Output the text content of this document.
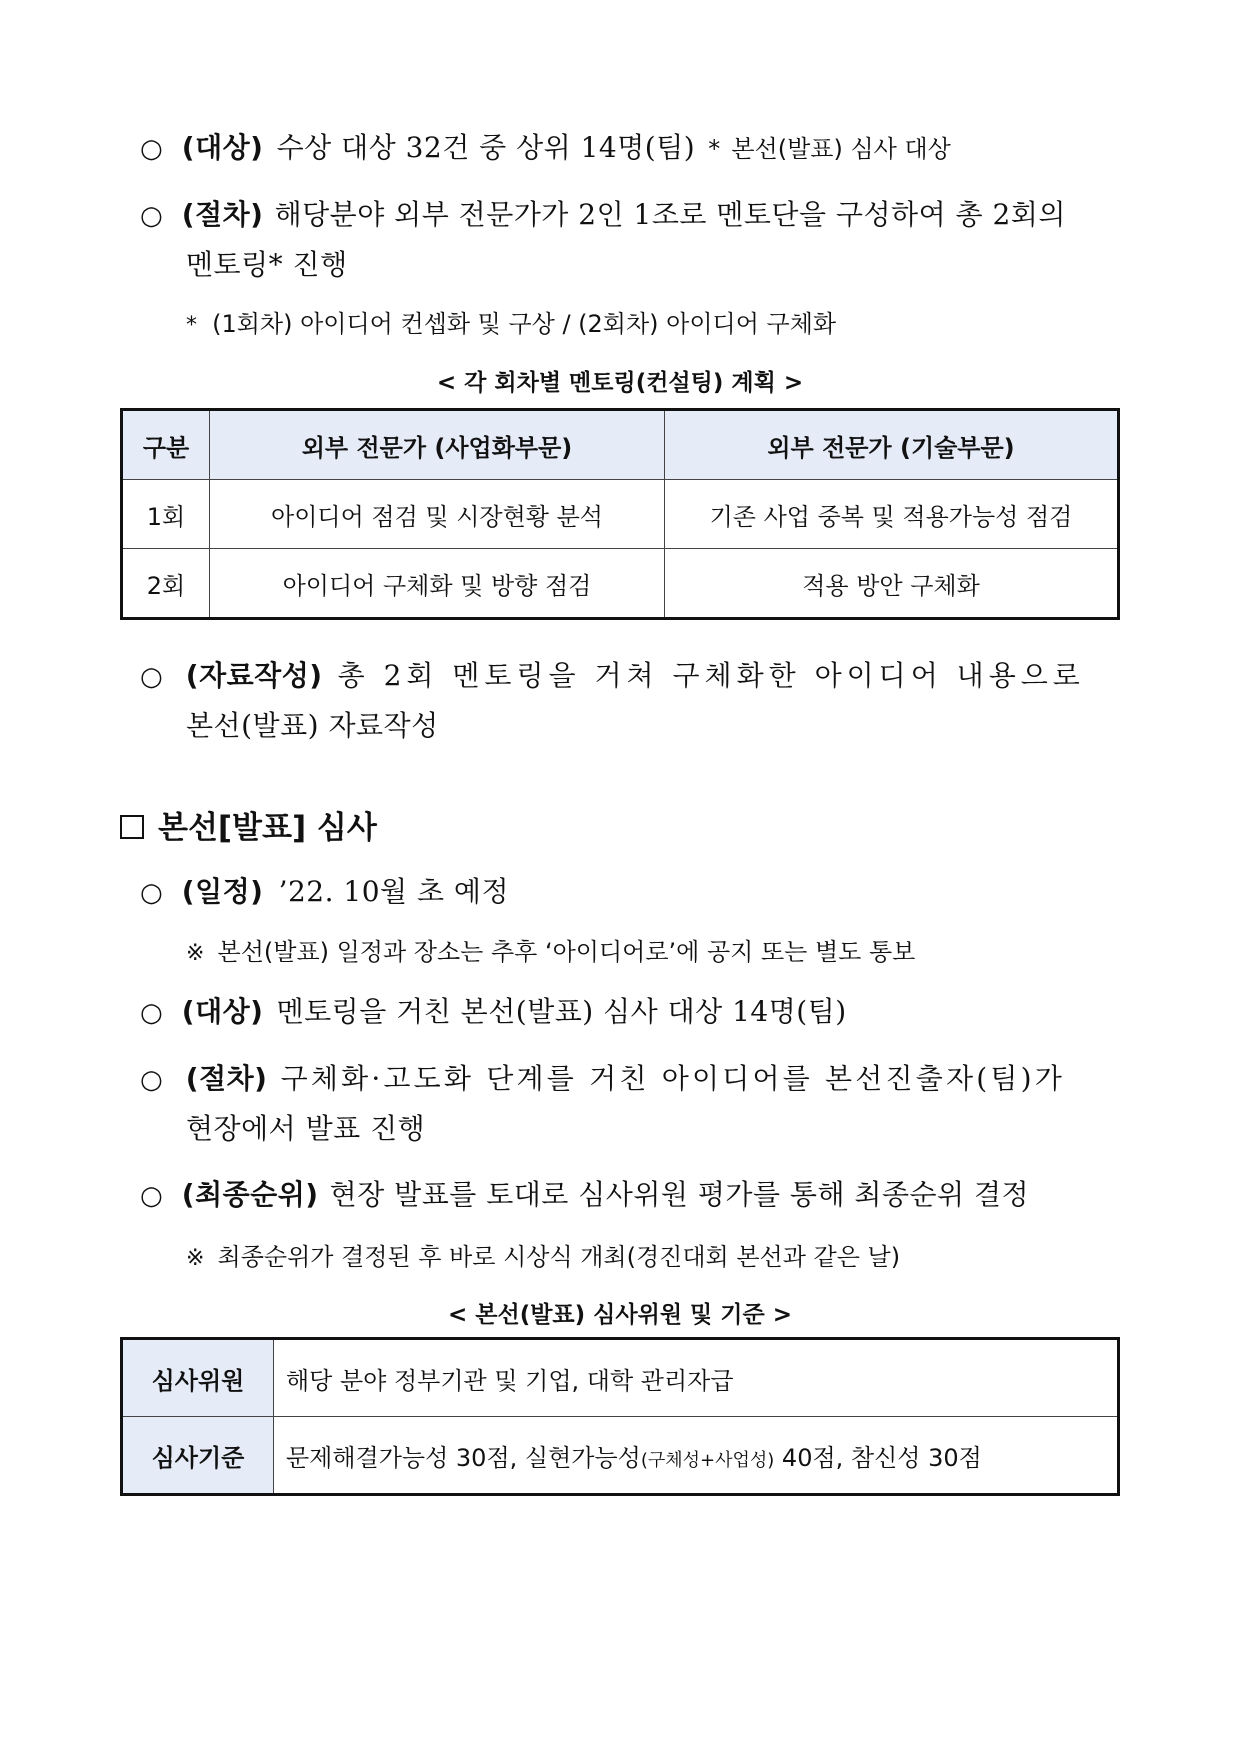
○ (대상) 수상 대상 32건 중 상위 14명(팀) * 본선(발표) 심사 대상
○ (절차) 해당분야 외부 전문가가 2인 1조로 멘토단을 구성하여 총 2회의
멘토링* 진행
* (1회차) 아이디어 컨셉화 및 구상 / (2회차) 아이디어 구체화
< 각 회차별 멘토링(컨설팅) 계획 >
구분	외부 전문가 (사업화부문)	외부 전문가 (기술부문)
1회	아이디어 점검 및 시장현황 분석	기존 사업 중복 및 적용가능성 점검
2회	아이디어 구체화 및 방향 점검	적용 방안 구체화
○ (자료작성) 총 2회 멘토링을 거쳐 구체화한 아이디어 내용으로
본선(발표) 자료작성
본선[발표] 심사
○ (일정) ’22. 10월 초 예정
※ 본선(발표) 일정과 장소는 추후 ‘아이디어로’에 공지 또는 별도 통보
○ (대상) 멘토링을 거친 본선(발표) 심사 대상 14명(팀)
○ (절차) 구체화·고도화 단계를 거친 아이디어를 본선진출자(팀)가
현장에서 발표 진행
○ (최종순위) 현장 발표를 토대로 심사위원 평가를 통해 최종순위 결정
※ 최종순위가 결정된 후 바로 시상식 개최(경진대회 본선과 같은 날)
< 본선(발표) 심사위원 및 기준 >
심사위원	해당 분야 정부기관 및 기업, 대학 관리자급
심사기준	문제해결가능성 30점, 실현가능성(구체성+사업성) 40점, 참신성 30점
